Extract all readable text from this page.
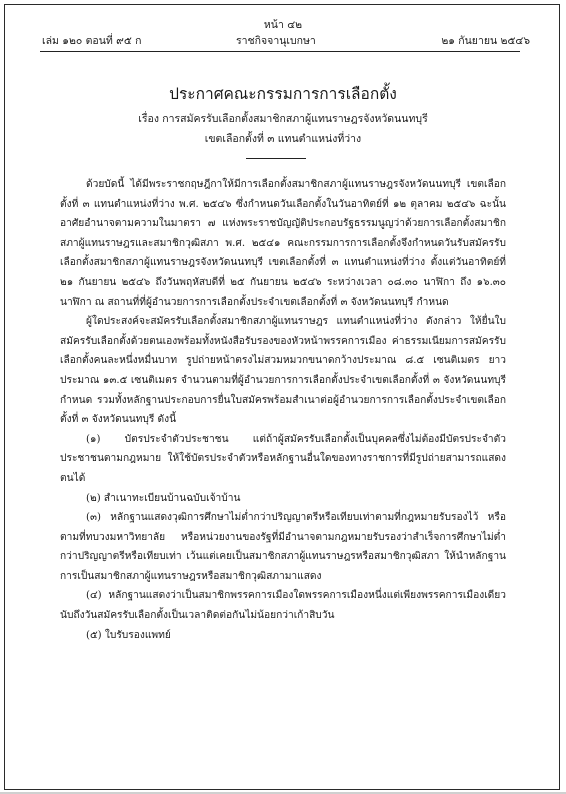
หน้า ๔๒
เล่ม ๑๒๐ ตอนที่ ๙๕ ก	ราชกิจจานุเบกษา	๒๑ กันยายน ๒๕๔๖
ประกาศคณะกรรมการการเลือกตั้ง
เรื่อง การสมัครรับเลือกตั้งสมาชิกสภาผู้แทนราษฎรจังหวัดนนทบุรี
เขตเลือกตั้งที่ ๓ แทนตำแหน่งที่ว่าง

ด้วยบัดนี้ ได้มีพระราชกฤษฎีกาให้มีการเลือกตั้งสมาชิกสภาผู้แทนราษฎรจังหวัดนนทบุรี เขตเลือกตั้งที่ ๓ แทนตำแหน่งที่ว่าง พ.ศ. ๒๕๔๖ ซึ่งกำหนดวันเลือกตั้งในวันอาทิตย์ที่ ๑๒ ตุลาคม ๒๕๔๖ ฉะนั้น อาศัยอำนาจตามความในมาตรา ๗ แห่งพระราชบัญญัติประกอบรัฐธรรมนูญว่าด้วยการเลือกตั้งสมาชิกสภาผู้แทนราษฎรและสมาชิกวุฒิสภา พ.ศ. ๒๕๔๑ คณะกรรมการการเลือกตั้งจึงกำหนดวันรับสมัครรับเลือกตั้งสมาชิกสภาผู้แทนราษฎรจังหวัดนนทบุรี เขตเลือกตั้งที่ ๓ แทนตำแหน่งที่ว่าง ตั้งแต่วันอาทิตย์ที่ ๒๑ กันยายน ๒๕๔๖ ถึงวันพฤหัสบดีที่ ๒๕ กันยายน ๒๕๔๖ ระหว่างเวลา ๐๘.๓๐ นาฬิกา ถึง ๑๖.๓๐ นาฬิกา ณ สถานที่ที่ผู้อำนวยการการเลือกตั้งประจำเขตเลือกตั้งที่ ๓ จังหวัดนนทบุรี กำหนด

ผู้ใดประสงค์จะสมัครรับเลือกตั้งสมาชิกสภาผู้แทนราษฎร แทนตำแหน่งที่ว่าง ดังกล่าว ให้ยื่นใบสมัครรับเลือกตั้งด้วยตนเองพร้อมทั้งหนังสือรับรองของหัวหน้าพรรคการเมือง ค่าธรรมเนียมการสมัครรับเลือกตั้งคนละหนึ่งหมื่นบาท รูปถ่ายหน้าตรงไม่สวมหมวกขนาดกว้างประมาณ ๘.๕ เซนติเมตร ยาวประมาณ ๑๓.๕ เซนติเมตร จำนวนตามที่ผู้อำนวยการการเลือกตั้งประจำเขตเลือกตั้งที่ ๓ จังหวัดนนทบุรี กำหนด รวมทั้งหลักฐานประกอบการยื่นใบสมัครพร้อมสำเนาต่อผู้อำนวยการการเลือกตั้งประจำเขตเลือกตั้งที่ ๓ จังหวัดนนทบุรี ดังนี้

(๑) บัตรประจำตัวประชาชน แต่ถ้าผู้สมัครรับเลือกตั้งเป็นบุคคลซึ่งไม่ต้องมีบัตรประจำตัวประชาชนตามกฎหมาย ให้ใช้บัตรประจำตัวหรือหลักฐานอื่นใดของทางราชการที่มีรูปถ่ายสามารถแสดงตนได้

(๒) สำเนาทะเบียนบ้านฉบับเจ้าบ้าน

(๓) หลักฐานแสดงวุฒิการศึกษาไม่ต่ำกว่าปริญญาตรีหรือเทียบเท่าตามที่กฎหมายรับรองไว้ หรือตามที่ทบวงมหาวิทยาลัย หรือหน่วยงานของรัฐที่มีอำนาจตามกฎหมายรับรองว่าสำเร็จการศึกษาไม่ต่ำกว่าปริญญาตรีหรือเทียบเท่า เว้นแต่เคยเป็นสมาชิกสภาผู้แทนราษฎรหรือสมาชิกวุฒิสภา ให้นำหลักฐานการเป็นสมาชิกสภาผู้แทนราษฎรหรือสมาชิกวุฒิสภามาแสดง

(๔) หลักฐานแสดงว่าเป็นสมาชิกพรรคการเมืองใดพรรคการเมืองหนึ่งแต่เพียงพรรคการเมืองเดียว นับถึงวันสมัครรับเลือกตั้งเป็นเวลาติดต่อกันไม่น้อยกว่าเก้าสิบวัน

(๕) ใบรับรองแพทย์
